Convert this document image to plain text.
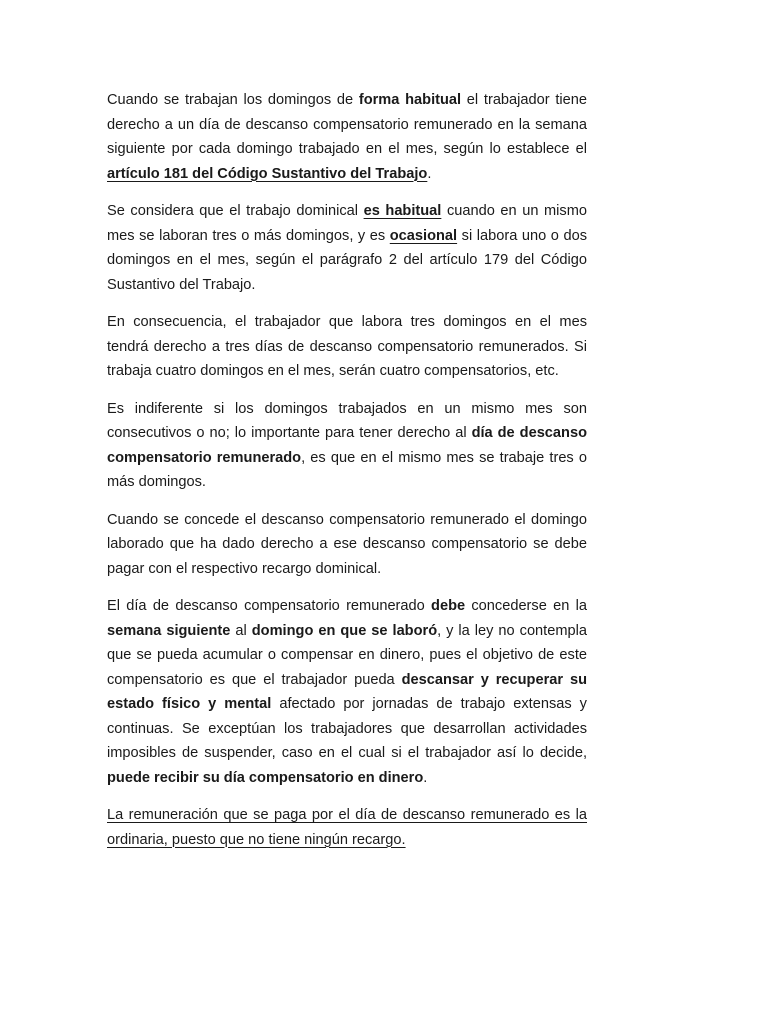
Cuando se trabajan los domingos de forma habitual el trabajador tiene derecho a un día de descanso compensatorio remunerado en la semana siguiente por cada domingo trabajado en el mes, según lo establece el artículo 181 del Código Sustantivo del Trabajo.

Se considera que el trabajo dominical es habitual cuando en un mismo mes se laboran tres o más domingos, y es ocasional si labora uno o dos domingos en el mes, según el parágrafo 2 del artículo 179 del Código Sustantivo del Trabajo.

En consecuencia, el trabajador que labora tres domingos en el mes tendrá derecho a tres días de descanso compensatorio remunerados. Si trabaja cuatro domingos en el mes, serán cuatro compensatorios, etc.

Es indiferente si los domingos trabajados en un mismo mes son consecutivos o no; lo importante para tener derecho al día de descanso compensatorio remunerado, es que en el mismo mes se trabaje tres o más domingos.

Cuando se concede el descanso compensatorio remunerado el domingo laborado que ha dado derecho a ese descanso compensatorio se debe pagar con el respectivo recargo dominical.

El día de descanso compensatorio remunerado debe concederse en la semana siguiente al domingo en que se laboró, y la ley no contempla que se pueda acumular o compensar en dinero, pues el objetivo de este compensatorio es que el trabajador pueda descansar y recuperar su estado físico y mental afectado por jornadas de trabajo extensas y continuas. Se exceptúan los trabajadores que desarrollan actividades imposibles de suspender, caso en el cual si el trabajador así lo decide, puede recibir su día compensatorio en dinero.

La remuneración que se paga por el día de descanso remunerado es la ordinaria, puesto que no tiene ningún recargo.
